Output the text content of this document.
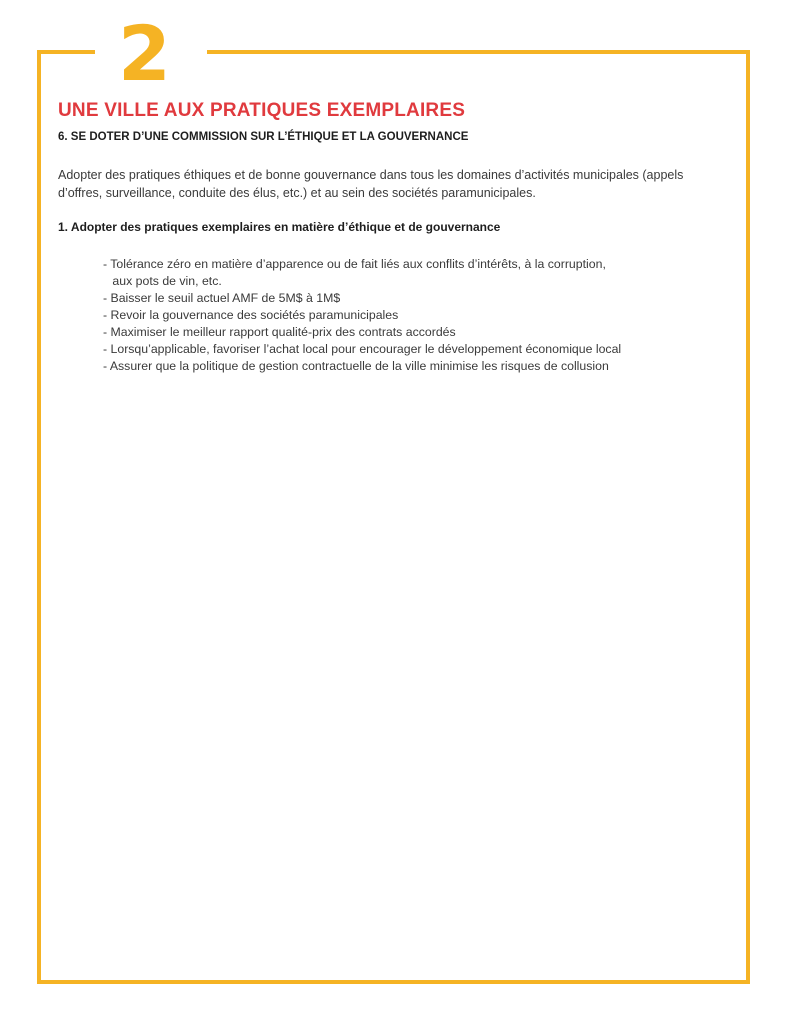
2
UNE VILLE AUX PRATIQUES EXEMPLAIRES
6. SE DOTER D’UNE COMMISSION SUR L’ÉTHIQUE ET LA GOUVERNANCE

Adopter des pratiques éthiques et de bonne gouvernance dans tous les domaines d’activités municipales (appels d’offres, surveillance, conduite des élus, etc.) et au sein des sociétés paramunicipales.

1. Adopter des pratiques exemplaires en matière d’éthique et de gouvernance

- Tolérance zéro en matière d’apparence ou de fait liés aux conflits d’intérêts, à la corruption,
aux pots de vin, etc.
- Baisser le seuil actuel AMF de 5M$ à 1M$
- Revoir la gouvernance des sociétés paramunicipales
- Maximiser le meilleur rapport qualité-prix des contrats accordés
- Lorsqu’applicable, favoriser l’achat local pour encourager le développement économique local
- Assurer que la politique de gestion contractuelle de la ville minimise les risques de collusion
